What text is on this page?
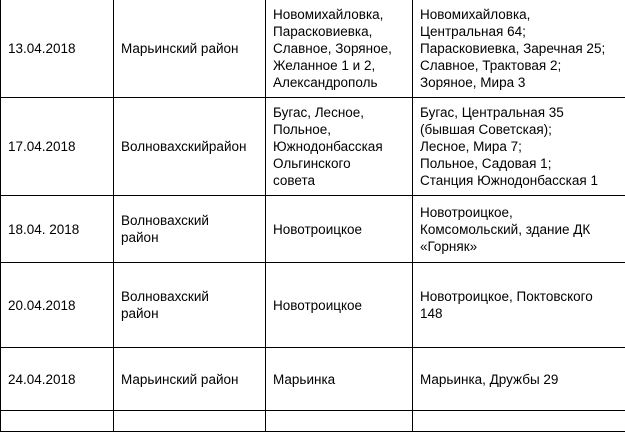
13.04.2018	Марьинский район	Новомихайловка,
Парасковиевка,
Славное, Зоряное,
Желанное 1 и 2,
Александрополь	Новомихайловка,
Центральная 64;
Парасковиевка, Заречная 25;
Славное, Трактовая 2;
Зоряное, Мира 3
17.04.2018	Волновахскийрайон	Бугас, Лесное,
Польное,
Южнодонбасская
Ольгинского
совета	Бугас, Центральная 35
(бывшая Советская);
Лесное, Мира 7;
Польное, Садовая 1;
Станция Южнодонбасская 1
18.04. 2018	Волновахский
район	Новотроицкое	Новотроицкое,
Комсомольский, здание ДК
«Горняк»
20.04.2018	Волновахский
район	Новотроицкое	Новотроицкое, Поктовского
148
24.04.2018	Марьинский район	Марьинка	Марьинка, Дружбы 29
